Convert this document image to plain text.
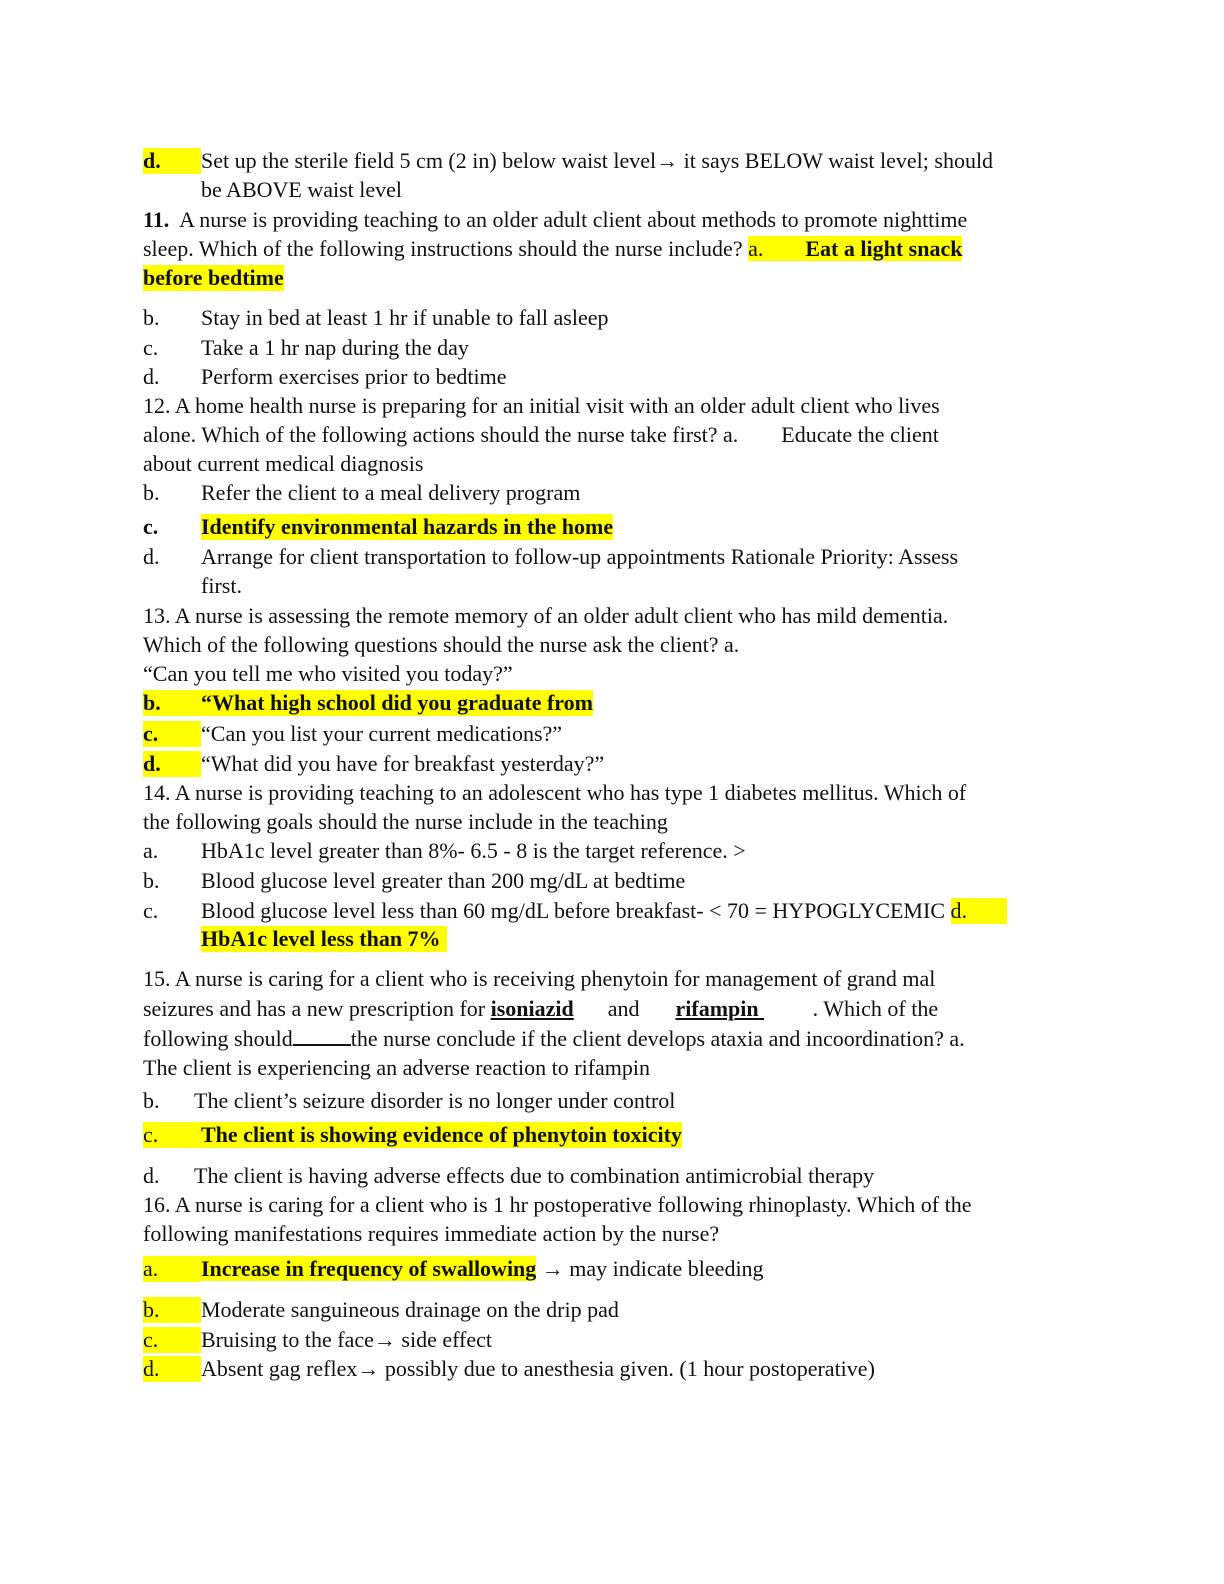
d.	Set up the sterile field 5 cm (2 in) below waist level→ it says BELOW waist level; should
be ABOVE waist level
11. A nurse is providing teaching to an older adult client about methods to promote nighttime
sleep. Which of the following instructions should the nurse include? a. Eat a light snack
before bedtime
b.	Stay in bed at least 1 hr if unable to fall asleep
c.	Take a 1 hr nap during the day
d.	Perform exercises prior to bedtime
12. A home health nurse is preparing for an initial visit with an older adult client who lives
alone. Which of the following actions should the nurse take first? a. Educate the client
about current medical diagnosis
b.	Refer the client to a meal delivery program
c.	Identify environmental hazards in the home
d.	Arrange for client transportation to follow-up appointments Rationale Priority: Assess
first.
13. A nurse is assessing the remote memory of an older adult client who has mild dementia.
Which of the following questions should the nurse ask the client? a.
“Can you tell me who visited you today?”
b.	“What high school did you graduate from
c.	“Can you list your current medications?”
d.	“What did you have for breakfast yesterday?”
14. A nurse is providing teaching to an adolescent who has type 1 diabetes mellitus. Which of
the following goals should the nurse include in the teaching
a.	HbA1c level greater than 8%- 6.5 - 8 is the target reference. >
b.	Blood glucose level greater than 200 mg/dL at bedtime
c.	Blood glucose level less than 60 mg/dL before breakfast- < 70 = HYPOGLYCEMIC d.
HbA1c level less than 7%
15. A nurse is caring for a client who is receiving phenytoin for management of grand mal
seizures and has a new prescription for isoniazid and rifampin . Which of the
following should	the nurse conclude if the client develops ataxia and incoordination? a.
The client is experiencing an adverse reaction to rifampin
b.	The client’s seizure disorder is no longer under control
c.	The client is showing evidence of phenytoin toxicity
d.	The client is having adverse effects due to combination antimicrobial therapy
16. A nurse is caring for a client who is 1 hr postoperative following rhinoplasty. Which of the
following manifestations requires immediate action by the nurse?
a.	Increase in frequency of swallowing → may indicate bleeding
b.	Moderate sanguineous drainage on the drip pad
c.	Bruising to the face→ side effect
d.	Absent gag reflex→ possibly due to anesthesia given. (1 hour postoperative)
